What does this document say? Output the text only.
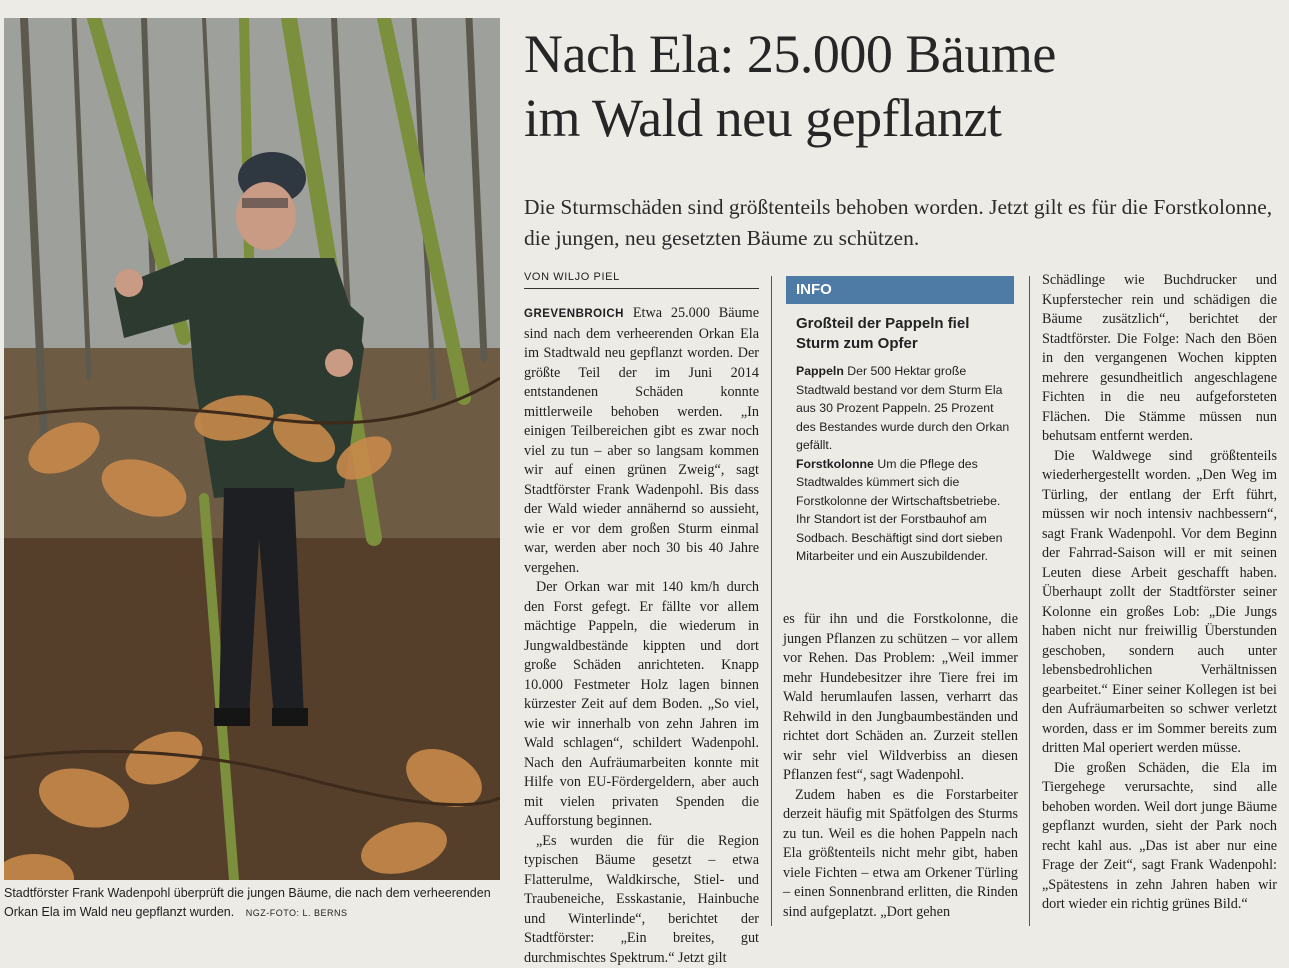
Stadtförster Frank Wadenpohl überprüft die jungen Bäume, die nach dem verheerenden Orkan Ela im Wald neu gepflanzt wurden. NGZ-FOTO: L. BERNS
Nach Ela: 25.000 Bäume
im Wald neu gepflanzt
Die Sturmschäden sind größtenteils behoben worden. Jetzt gilt es für die Forstkolonne, die jungen, neu gesetzten Bäume zu schützen.
VON WILJO PIEL

GREVENBROICH Etwa 25.000 Bäume sind nach dem verheerenden Orkan Ela im Stadtwald neu gepflanzt worden. Der größte Teil der im Juni 2014 entstandenen Schäden konnte mittlerweile behoben werden. „In einigen Teilbereichen gibt es zwar noch viel zu tun – aber so langsam kommen wir auf einen grünen Zweig“, sagt Stadtförster Frank Wadenpohl. Bis dass der Wald wieder annähernd so aussieht, wie er vor dem großen Sturm einmal war, werden aber noch 30 bis 40 Jahre vergehen.

Der Orkan war mit 140 km/h durch den Forst gefegt. Er fällte vor allem mächtige Pappeln, die wiederum in Jungwaldbestände kippten und dort große Schäden anrichteten. Knapp 10.000 Festmeter Holz lagen binnen kürzester Zeit auf dem Boden. „So viel, wie wir innerhalb von zehn Jahren im Wald schlagen“, schildert Wadenpohl. Nach den Aufräumarbeiten konnte mit Hilfe von EU-Fördergeldern, aber auch mit vielen privaten Spenden die Aufforstung beginnen.

„Es wurden die für die Region typischen Bäume gesetzt – etwa Flatterulme, Waldkirsche, Stiel- und Traubeneiche, Esskastanie, Hainbuche und Winterlinde“, berichtet der Stadtförster: „Ein breites, gut durchmischtes Spektrum.“ Jetzt gilt

INFO
Großteil der Pappeln fiel Sturm zum Opfer
Pappeln Der 500 Hektar große Stadtwald bestand vor dem Sturm Ela aus 30 Prozent Pappeln. 25 Prozent des Bestandes wurde durch den Orkan gefällt.
Forstkolonne Um die Pflege des Stadtwaldes kümmert sich die Forstkolonne der Wirtschaftsbetriebe. Ihr Standort ist der Forstbauhof am Sodbach. Beschäftigt sind dort sieben Mitarbeiter und ein Auszubildender.

es für ihn und die Forstkolonne, die jungen Pflanzen zu schützen – vor allem vor Rehen. Das Problem: „Weil immer mehr Hundebesitzer ihre Tiere frei im Wald herumlaufen lassen, verharrt das Rehwild in den Jungbaumbeständen und richtet dort Schäden an. Zurzeit stellen wir sehr viel Wildverbiss an diesen Pflanzen fest“, sagt Wadenpohl.

Zudem haben es die Forstarbeiter derzeit häufig mit Spätfolgen des Sturms zu tun. Weil es die hohen Pappeln nach Ela größtenteils nicht mehr gibt, haben viele Fichten – etwa am Orkener Türling – einen Sonnenbrand erlitten, die Rinden sind aufgeplatzt. „Dort gehen

Schädlinge wie Buchdrucker und Kupferstecher rein und schädigen die Bäume zusätzlich“, berichtet der Stadtförster. Die Folge: Nach den Böen in den vergangenen Wochen kippten mehrere gesundheitlich angeschlagene Fichten in die neu aufgeforsteten Flächen. Die Stämme müssen nun behutsam entfernt werden.

Die Waldwege sind größtenteils wiederhergestellt worden. „Den Weg im Türling, der entlang der Erft führt, müssen wir noch intensiv nachbessern“, sagt Frank Wadenpohl. Vor dem Beginn der Fahrrad-Saison will er mit seinen Leuten diese Arbeit geschafft haben. Überhaupt zollt der Stadtförster seiner Kolonne ein großes Lob: „Die Jungs haben nicht nur freiwillig Überstunden geschoben, sondern auch unter lebensbedrohlichen Verhältnissen gearbeitet.“ Einer seiner Kollegen ist bei den Aufräumarbeiten so schwer verletzt worden, dass er im Sommer bereits zum dritten Mal operiert werden müsse.

Die großen Schäden, die Ela im Tiergehege verursachte, sind alle behoben worden. Weil dort junge Bäume gepflanzt wurden, sieht der Park noch recht kahl aus. „Das ist aber nur eine Frage der Zeit“, sagt Frank Wadenpohl: „Spätestens in zehn Jahren haben wir dort wieder ein richtig grünes Bild.“
